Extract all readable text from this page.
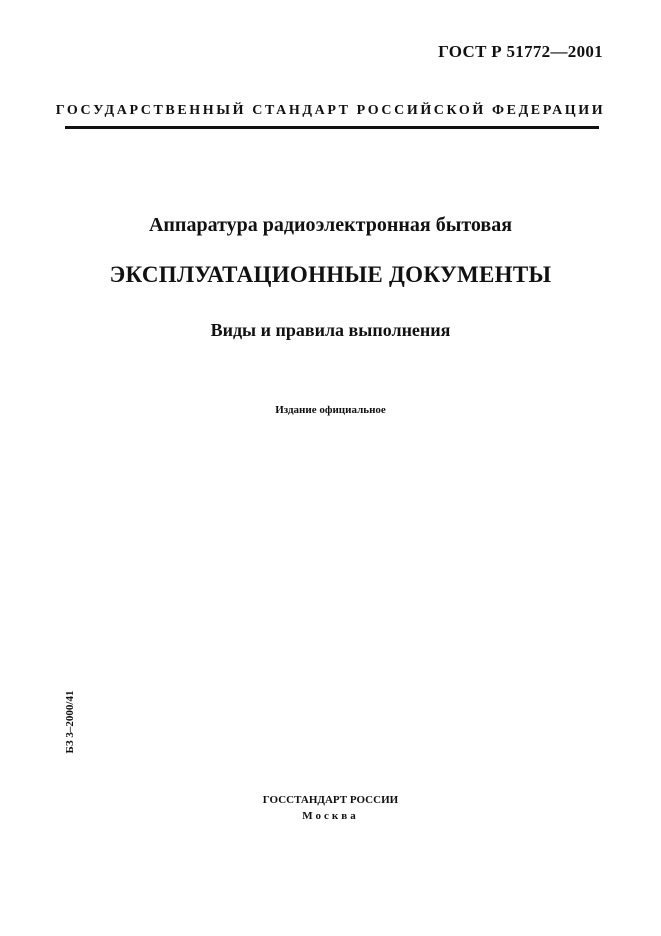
ГОСТ Р 51772—2001
ГОСУДАРСТВЕННЫЙ СТАНДАРТ РОССИЙСКОЙ ФЕДЕРАЦИИ
Аппаратура радиоэлектронная бытовая
ЭКСПЛУАТАЦИОННЫЕ ДОКУМЕНТЫ
Виды и правила выполнения
Издание официальное
БЗ 3–2000/41
ГОССТАНДАРТ РОССИИ
Москва
